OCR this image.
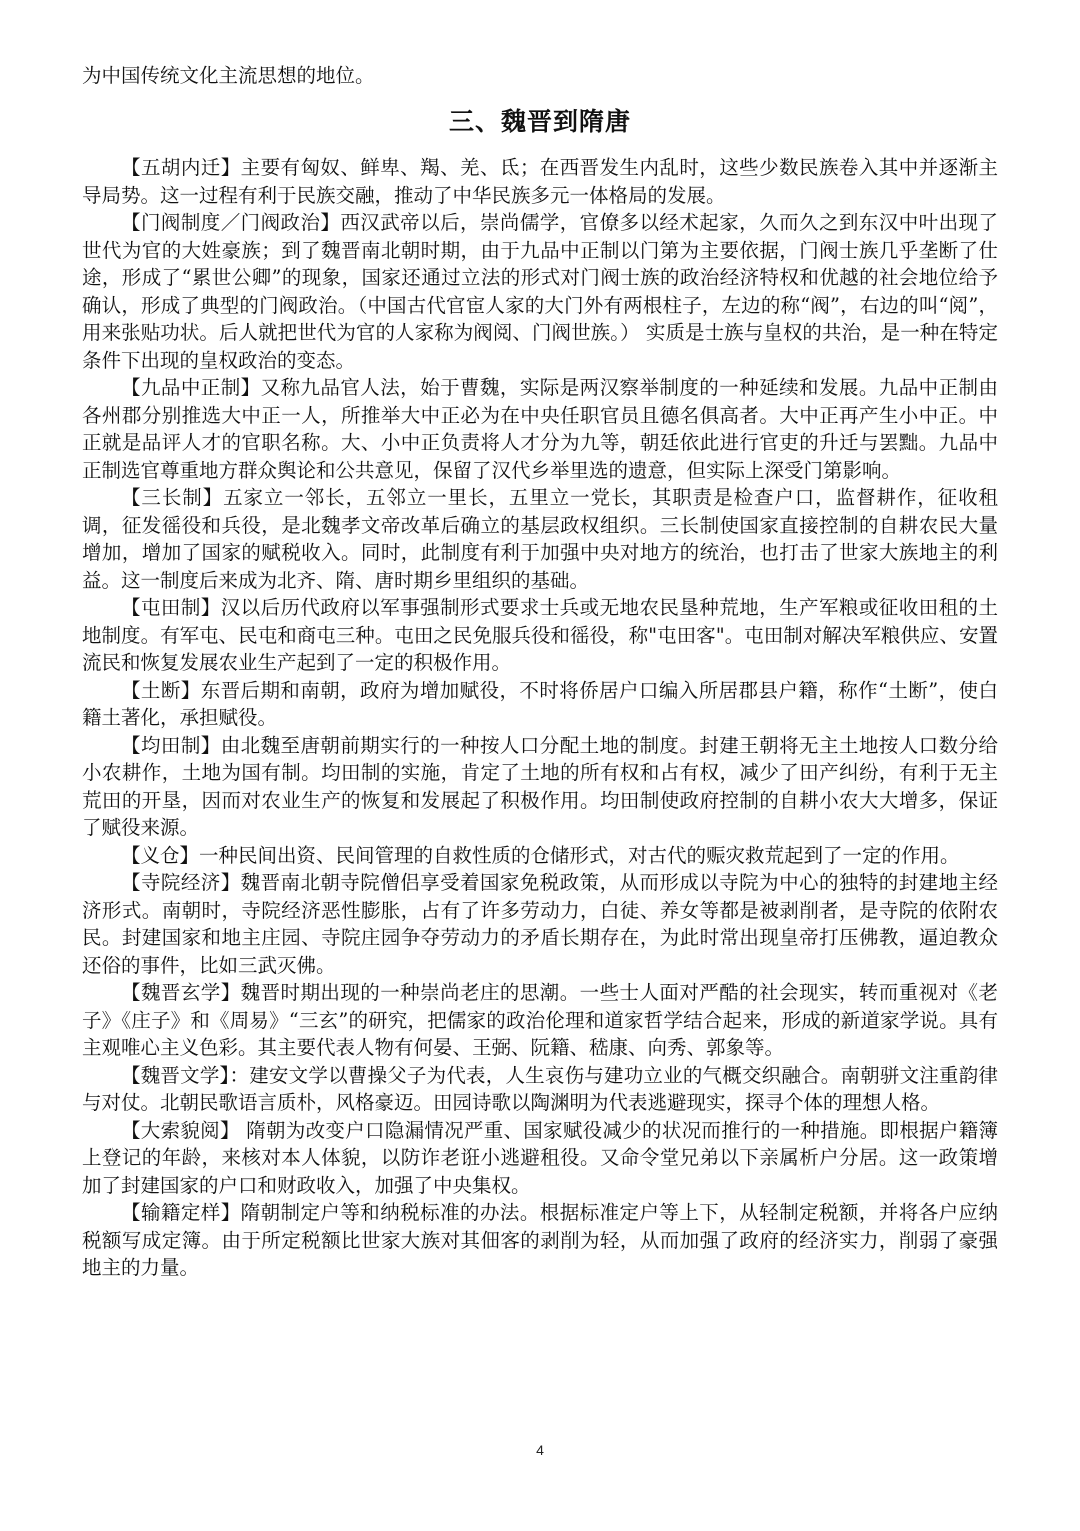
为中国传统文化主流思想的地位。

三、魏晋到隋唐

【五胡内迁】主要有匈奴、鲜卑、羯、羌、氐；在西晋发生内乱时，这些少数民族卷入其中并逐渐主导局势。这一过程有利于民族交融，推动了中华民族多元一体格局的发展。

【门阀制度／门阀政治】西汉武帝以后，崇尚儒学，官僚多以经术起家，久而久之到东汉中叶出现了世代为官的大姓豪族；到了魏晋南北朝时期，由于九品中正制以门第为主要依据，门阀士族几乎垄断了仕途，形成了“累世公卿”的现象，国家还通过立法的形式对门阀士族的政治经济特权和优越的社会地位给予确认，形成了典型的门阀政治。（中国古代官宦人家的大门外有两根柱子，左边的称“阀”，右边的叫“阅”，用来张贴功状。后人就把世代为官的人家称为阀阅、门阀世族。） 实质是士族与皇权的共治，是一种在特定条件下出现的皇权政治的变态。

【九品中正制】又称九品官人法，始于曹魏，实际是两汉察举制度的一种延续和发展。九品中正制由各州郡分别推选大中正一人，所推举大中正必为在中央任职官员且德名俱高者。大中正再产生小中正。中正就是品评人才的官职名称。大、小中正负责将人才分为九等，朝廷依此进行官吏的升迁与罢黜。九品中正制选官尊重地方群众舆论和公共意见，保留了汉代乡举里选的遗意，但实际上深受门第影响。

【三长制】五家立一邻长，五邻立一里长，五里立一党长，其职责是检查户口，监督耕作，征收租调，征发徭役和兵役，是北魏孝文帝改革后确立的基层政权组织。三长制使国家直接控制的自耕农民大量增加，增加了国家的赋税收入。同时，此制度有利于加强中央对地方的统治，也打击了世家大族地主的利益。这一制度后来成为北齐、隋、唐时期乡里组织的基础。

【屯田制】汉以后历代政府以军事强制形式要求士兵或无地农民垦种荒地，生产军粮或征收田租的土地制度。有军屯、民屯和商屯三种。屯田之民免服兵役和徭役，称"屯田客"。屯田制对解决军粮供应、安置流民和恢复发展农业生产起到了一定的积极作用。

【土断】东晋后期和南朝，政府为增加赋役，不时将侨居户口编入所居郡县户籍，称作“土断”，使白籍土著化，承担赋役。

【均田制】由北魏至唐朝前期实行的一种按人口分配土地的制度。封建王朝将无主土地按人口数分给小农耕作，土地为国有制。均田制的实施，肯定了土地的所有权和占有权，减少了田产纠纷，有利于无主荒田的开垦，因而对农业生产的恢复和发展起了积极作用。均田制使政府控制的自耕小农大大增多，保证了赋役来源。

【义仓】一种民间出资、民间管理的自救性质的仓储形式，对古代的赈灾救荒起到了一定的作用。

【寺院经济】魏晋南北朝寺院僧侣享受着国家免税政策，从而形成以寺院为中心的独特的封建地主经济形式。南朝时，寺院经济恶性膨胀，占有了许多劳动力，白徒、养女等都是被剥削者，是寺院的依附农民。封建国家和地主庄园、寺院庄园争夺劳动力的矛盾长期存在，为此时常出现皇帝打压佛教，逼迫教众还俗的事件，比如三武灭佛。

【魏晋玄学】魏晋时期出现的一种崇尚老庄的思潮。一些士人面对严酷的社会现实，转而重视对《老子》《庄子》和《周易》“三玄”的研究，把儒家的政治伦理和道家哲学结合起来，形成的新道家学说。具有主观唯心主义色彩。其主要代表人物有何晏、王弼、阮籍、嵇康、向秀、郭象等。

【魏晋文学】：建安文学以曹操父子为代表，人生哀伤与建功立业的气概交织融合。南朝骈文注重韵律与对仗。北朝民歌语言质朴，风格豪迈。田园诗歌以陶渊明为代表逃避现实，探寻个体的理想人格。

【大索貌阅】 隋朝为改变户口隐漏情况严重、国家赋役减少的状况而推行的一种措施。即根据户籍簿上登记的年龄，来核对本人体貌，以防诈老诳小逃避租役。又命令堂兄弟以下亲属析户分居。这一政策增加了封建国家的户口和财政收入，加强了中央集权。

【输籍定样】隋朝制定户等和纳税标准的办法。根据标准定户等上下，从轻制定税额，并将各户应纳税额写成定簿。由于所定税额比世家大族对其佃客的剥削为轻，从而加强了政府的经济实力，削弱了豪强地主的力量。

4
